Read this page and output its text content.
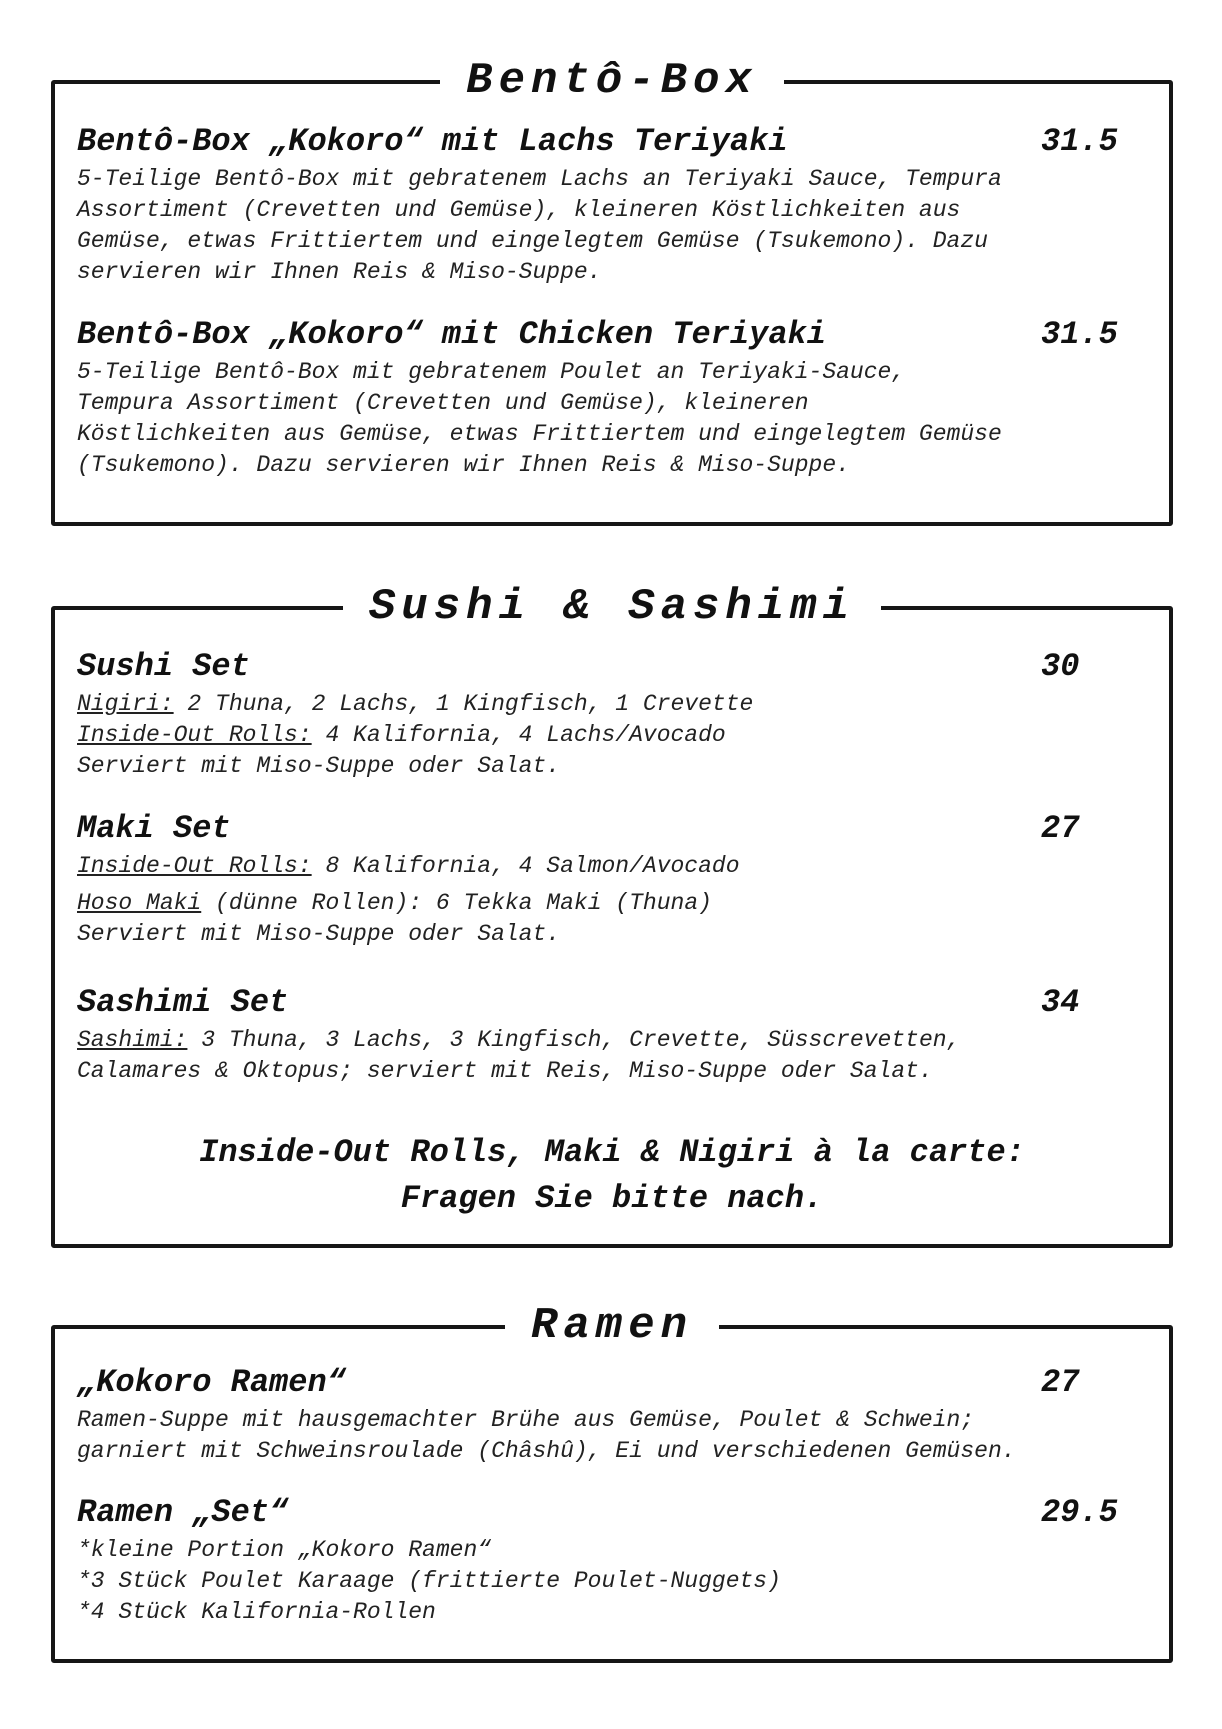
Bentô-Box
Bentô-Box „Kokoro“ mit Lachs Teriyaki	31.5
5-Teilige Bentô-Box mit gebratenem Lachs an Teriyaki Sauce, Tempura
Assortiment (Crevetten und Gemüse), kleineren Köstlichkeiten aus
Gemüse, etwas Frittiertem und eingelegtem Gemüse (Tsukemono). Dazu
servieren wir Ihnen Reis & Miso-Suppe.
Bentô-Box „Kokoro“ mit Chicken Teriyaki	31.5
5-Teilige Bentô-Box mit gebratenem Poulet an Teriyaki-Sauce,
Tempura Assortiment (Crevetten und Gemüse), kleineren
Köstlichkeiten aus Gemüse, etwas Frittiertem und eingelegtem Gemüse
(Tsukemono). Dazu servieren wir Ihnen Reis & Miso-Suppe.
Sushi & Sashimi
Sushi Set	30
Nigiri: 2 Thuna, 2 Lachs, 1 Kingfisch, 1 Crevette
Inside-Out Rolls: 4 Kalifornia, 4 Lachs/Avocado
Serviert mit Miso-Suppe oder Salat.
Maki Set	27
Inside-Out Rolls: 8 Kalifornia, 4 Salmon/Avocado
Hoso Maki (dünne Rollen): 6 Tekka Maki (Thuna)
Serviert mit Miso-Suppe oder Salat.
Sashimi Set	34
Sashimi: 3 Thuna, 3 Lachs, 3 Kingfisch, Crevette, Süsscrevetten,
Calamares & Oktopus; serviert mit Reis, Miso-Suppe oder Salat.
Inside-Out Rolls, Maki & Nigiri à la carte:
Fragen Sie bitte nach.
Ramen
„Kokoro Ramen“	27
Ramen-Suppe mit hausgemachter Brühe aus Gemüse, Poulet & Schwein;
garniert mit Schweinsroulade (Châshû), Ei und verschiedenen Gemüsen.
Ramen „Set“	29.5
*kleine Portion „Kokoro Ramen“
*3 Stück Poulet Karaage (frittierte Poulet-Nuggets)
*4 Stück Kalifornia-Rollen
